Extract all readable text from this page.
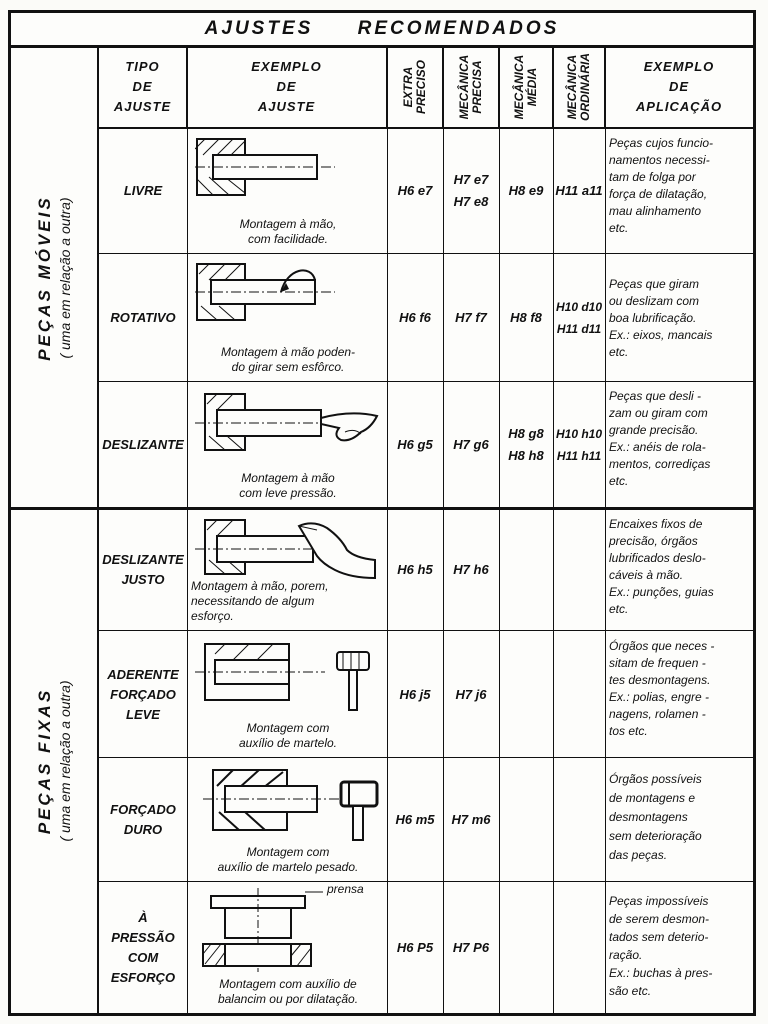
AJUSTES RECOMENDADOS
PEÇAS MÓVEIS ( uma em relação a outra)
PEÇAS FIXAS ( uma em relação a outra)
TIPO
DE
AJUSTE
EXEMPLO
DE
AJUSTE	EXTRA
PRECISO MECÂNICA
PRECISA MECÂNICA
MÉDIA MECÂNICA
ORDINÁRIA	EXEMPLO
DE
APLICAÇÃO
LIVRE
Montagem à mão,
com facilidade.
H6 e7
H7 e7
H7 e8
H8 e9 H11 a11
Peças cujos funcio-
namentos necessi-
tam de folga por
força de dilatação,
mau alinhamento
etc.
ROTATIVO
Montagem à mão poden-
do girar sem esfôrco.
H6 f6 H7 f7 H8 f8
H10 d10
H11 d11
Peças que giram
ou deslizam com
boa lubrificação.
Ex.: eixos, mancais
etc.
DESLIZANTE
Montagem à mão
com leve pressão.
H6 g5 H7 g6
H8 g8
H8 h8
H10 h10
H11 h11
Peças que desli -
zam ou giram com
grande precisão.
Ex.: anéis de rola-
mentos, corrediças
etc.
DESLIZANTE
JUSTO Montagem à mão, porem,
necessitando de algum
esforço.
H6 h5 H7 h6
Encaixes fixos de
precisão, órgãos
lubrificados deslo-
cáveis à mão.
Ex.: punções, guias
etc.
ADERENTE
FORÇADO
LEVE
Montagem com
auxílio de martelo.
H6 j5 H7 j6
Órgãos que neces -
sitam de frequen -
tes desmontagens.
Ex.: polias, engre -
nagens, rolamen -
tos etc.
FORÇADO
DURO
Montagem com
auxílio de martelo pesado.
H6 m5 H7 m6
Órgãos possíveis
de montagens e
desmontagens
sem deterioração
das peças.
À
PRESSÃO
COM
ESFORÇO
prensa
Montagem com auxílio de
balancim ou por dilatação.
H6 P5 H7 P6
Peças impossíveis
de serem desmon-
tados sem deterio-
ração.
Ex.: buchas à pres-
são etc.
